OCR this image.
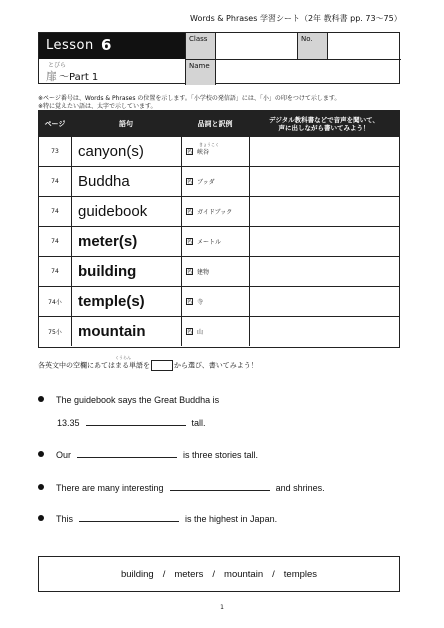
Words & Phrases 学習シート（2年 教科書 pp. 73～75）
Lesson 6
とびら
扉 ～Part 1
Class	No.
Name
※ページ番号は、Words & Phrases の位置を示します。「小学校の発信語」には、「小」の印をつけて示します。
※特に覚えたい語は、太字で示しています。
ページ	語句	品詞と訳例	デジタル教科書などで音声を聞いて、
声に出しながら書いてみよう！
73	canyon(s)	名 峡谷
きょうこく
74	Buddha	名 ブッダ
74	guidebook	名 ガイドブック
74	meter(s)	名 メートル
74	building	名 建物
74小	temple(s)	名 寺
75小	mountain	名 山
くうらん
各英文中の空欄にあてはまる単語を	から選び、書いてみよう！
The guidebook says the Great Buddha is
13.35	tall.
Our	is three stories tall.
There are many interesting	and shrines.
This	is the highest in Japan.
building / meters / mountain / temples
1
